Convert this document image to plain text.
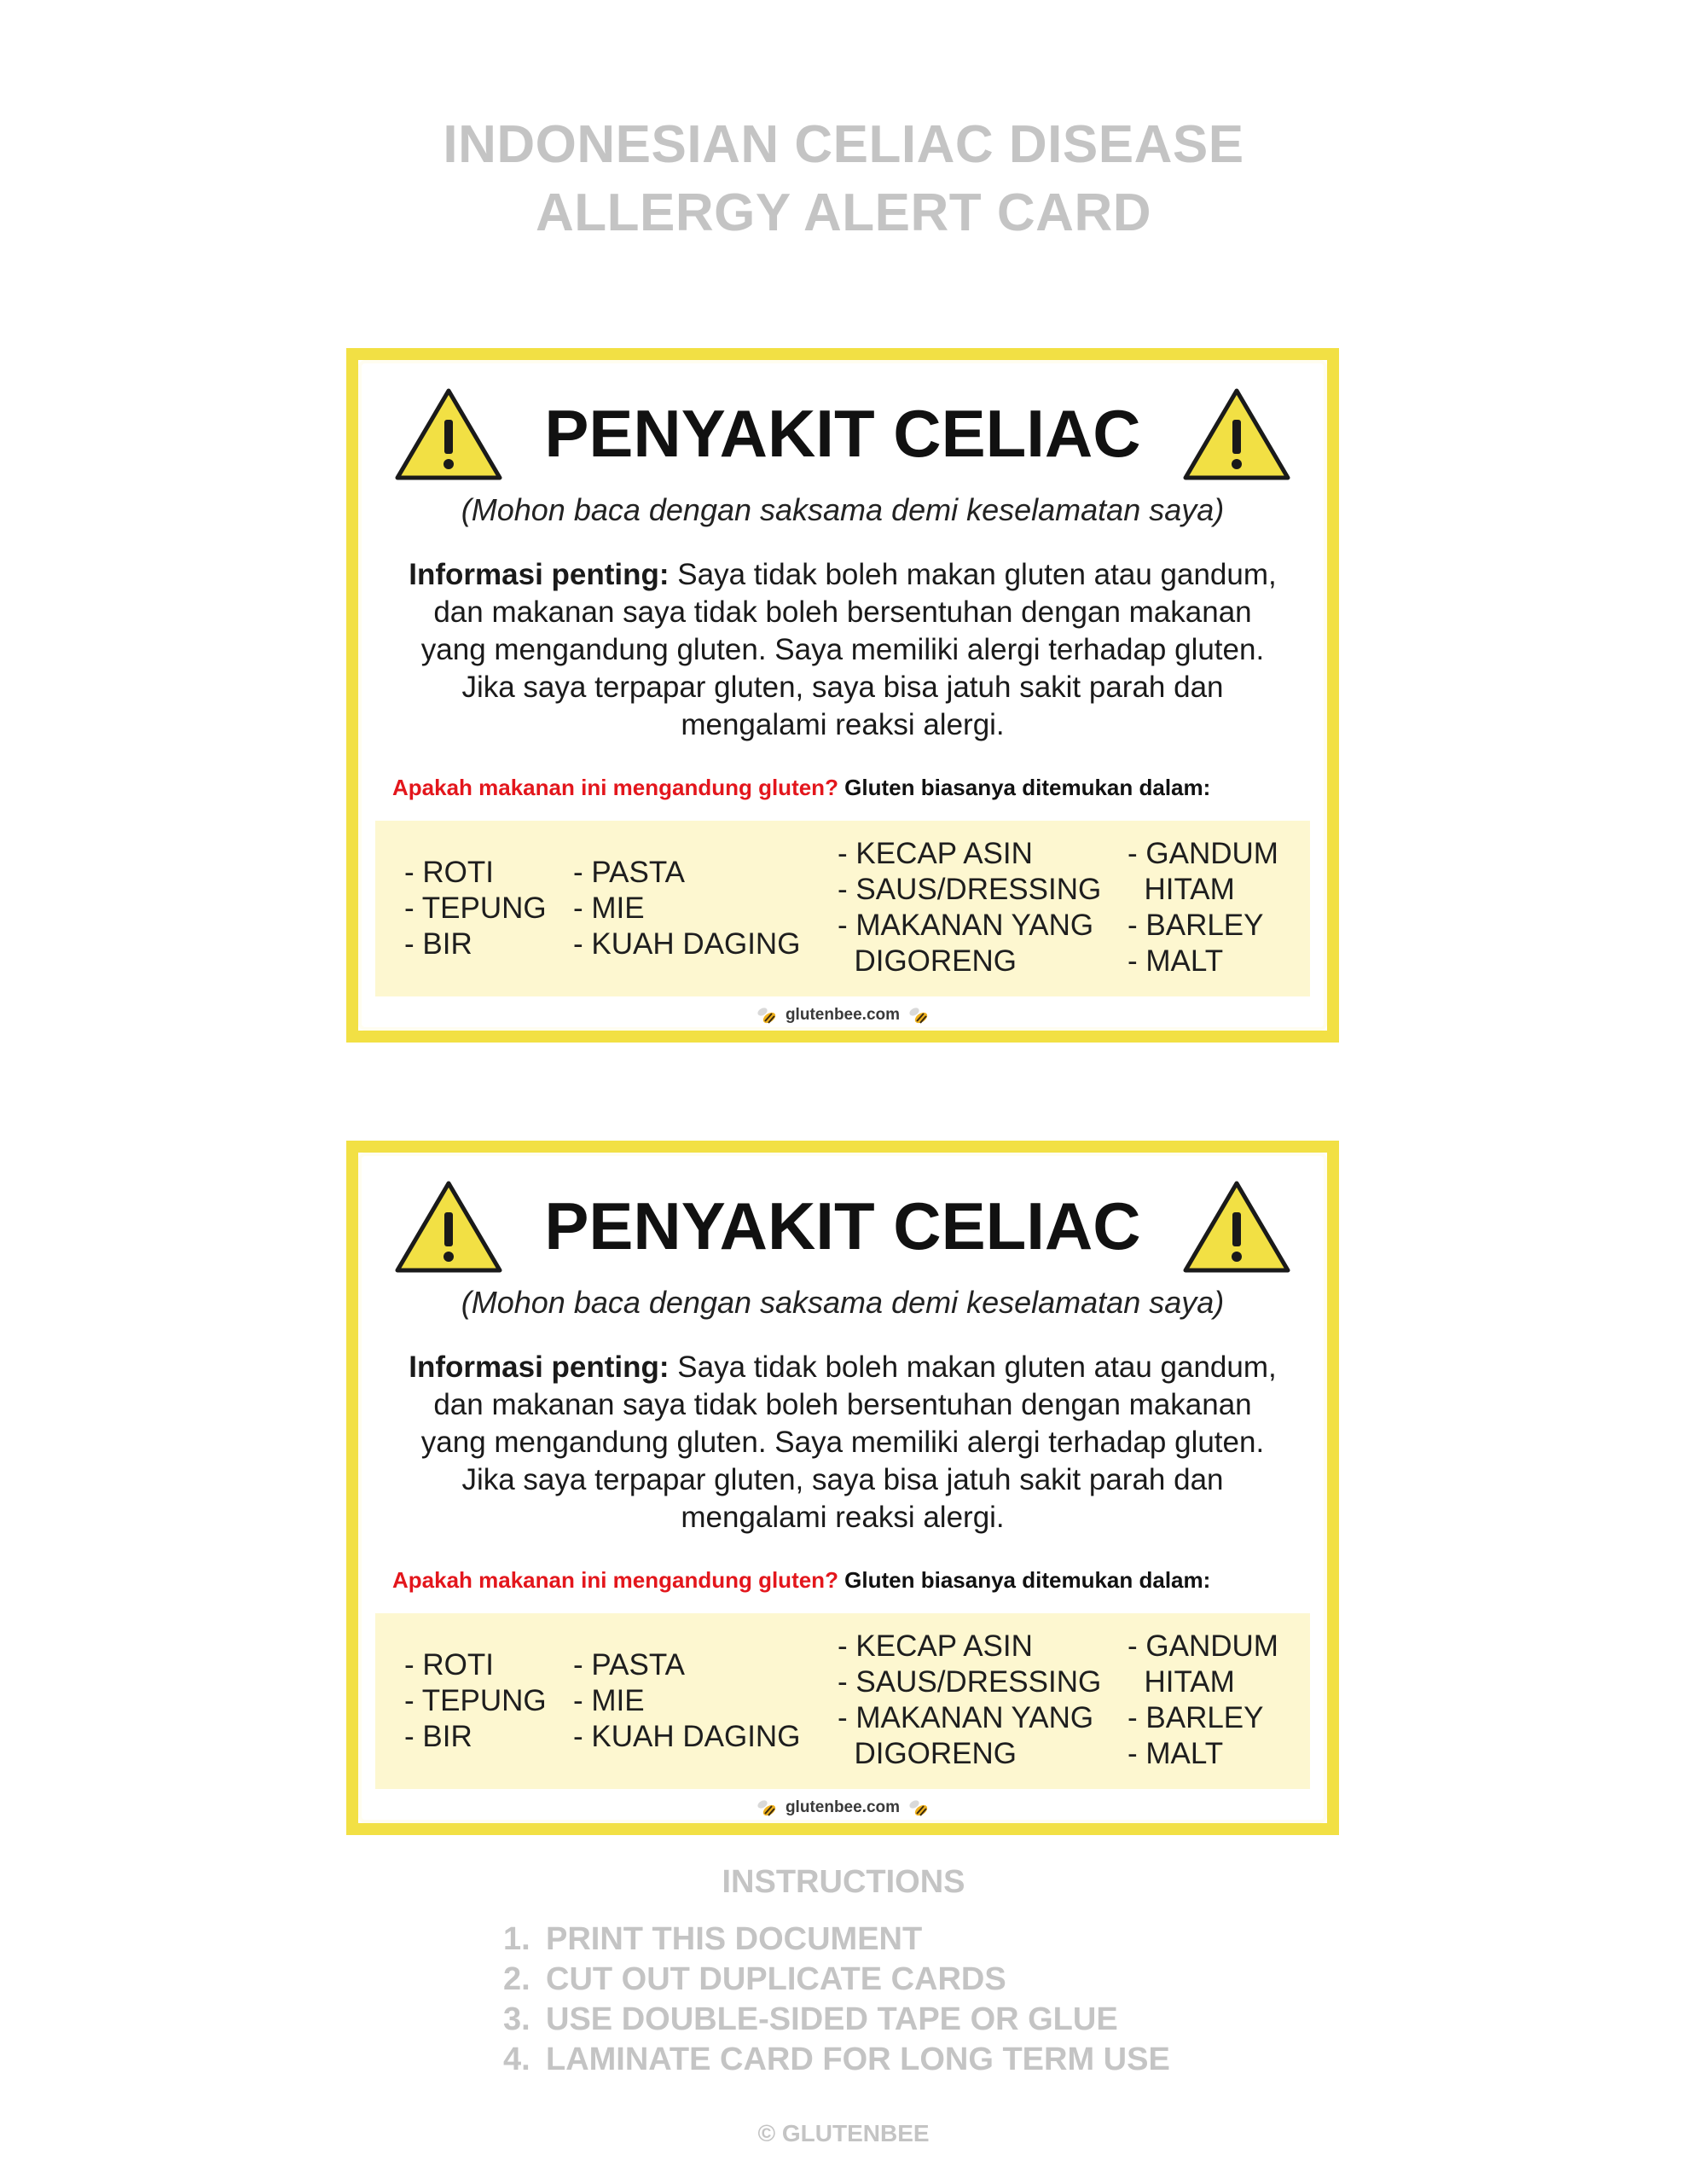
INDONESIAN CELIAC DISEASE
ALLERGY ALERT CARD
PENYAKIT CELIAC
(Mohon baca dengan saksama demi keselamatan saya)
Informasi penting: Saya tidak boleh makan gluten atau gandum, dan makanan saya tidak boleh bersentuhan dengan makanan yang mengandung gluten. Saya memiliki alergi terhadap gluten. Jika saya terpapar gluten, saya bisa jatuh sakit parah dan mengalami reaksi alergi.
Apakah makanan ini mengandung gluten? Gluten biasanya ditemukan dalam:
- ROTI
- TEPUNG
- BIR
- PASTA
- MIE
- KUAH DAGING
- KECAP ASIN
- SAUS/DRESSING
- MAKANAN YANG
DIGORENG
- GANDUM
HITAM
- BARLEY
- MALT
glutenbee.com
PENYAKIT CELIAC
(Mohon baca dengan saksama demi keselamatan saya)
Informasi penting: Saya tidak boleh makan gluten atau gandum, dan makanan saya tidak boleh bersentuhan dengan makanan yang mengandung gluten. Saya memiliki alergi terhadap gluten. Jika saya terpapar gluten, saya bisa jatuh sakit parah dan mengalami reaksi alergi.
Apakah makanan ini mengandung gluten? Gluten biasanya ditemukan dalam:
- ROTI
- TEPUNG
- BIR
- PASTA
- MIE
- KUAH DAGING
- KECAP ASIN
- SAUS/DRESSING
- MAKANAN YANG
DIGORENG
- GANDUM
HITAM
- BARLEY
- MALT
glutenbee.com
INSTRUCTIONS
1. PRINT THIS DOCUMENT
2. CUT OUT DUPLICATE CARDS
3. USE DOUBLE-SIDED TAPE OR GLUE
4. LAMINATE CARD FOR LONG TERM USE
© GLUTENBEE
